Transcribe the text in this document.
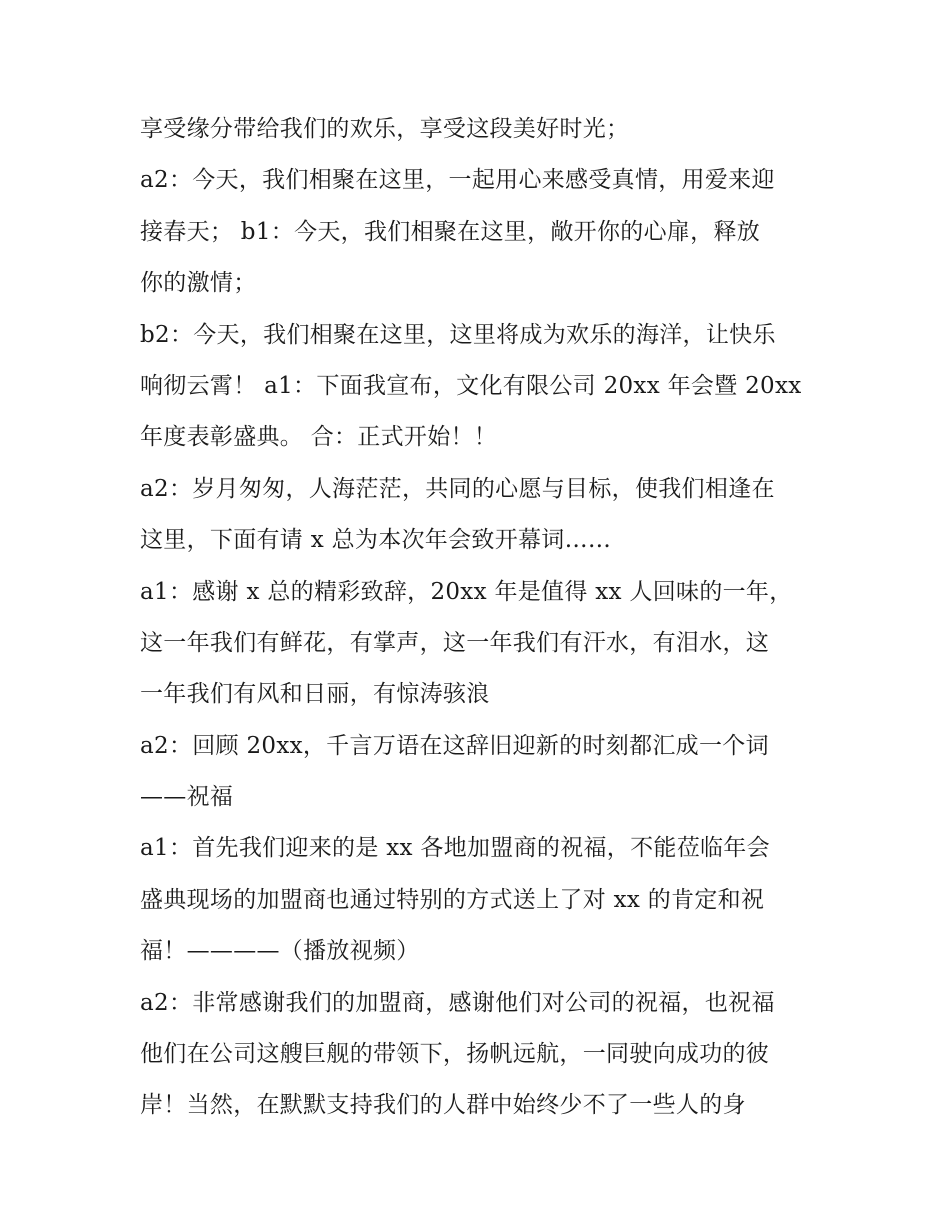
享受缘分带给我们的欢乐，享受这段美好时光；
a2：今天，我们相聚在这里，一起用心来感受真情，用爱来迎
接春天； b1：今天，我们相聚在这里，敞开你的心扉，释放
你的激情；
b2：今天，我们相聚在这里，这里将成为欢乐的海洋，让快乐
响彻云霄！ a1：下面我宣布，文化有限公司 20xx 年会暨 20xx
年度表彰盛典。 合：正式开始！！
a2：岁月匆匆，人海茫茫，共同的心愿与目标，使我们相逢在
这里，下面有请 x 总为本次年会致开幕词……
a1：感谢 x 总的精彩致辞，20xx 年是值得 xx 人回味的一年，
这一年我们有鲜花，有掌声，这一年我们有汗水，有泪水，这
一年我们有风和日丽，有惊涛骇浪
a2：回顾 20xx，千言万语在这辞旧迎新的时刻都汇成一个词
——祝福
a1：首先我们迎来的是 xx 各地加盟商的祝福，不能莅临年会
盛典现场的加盟商也通过特别的方式送上了对 xx 的肯定和祝
福！————（播放视频）
a2：非常感谢我们的加盟商，感谢他们对公司的祝福，也祝福
他们在公司这艘巨舰的带领下，扬帆远航，一同驶向成功的彼
岸！当然，在默默支持我们的人群中始终少不了一些人的身
